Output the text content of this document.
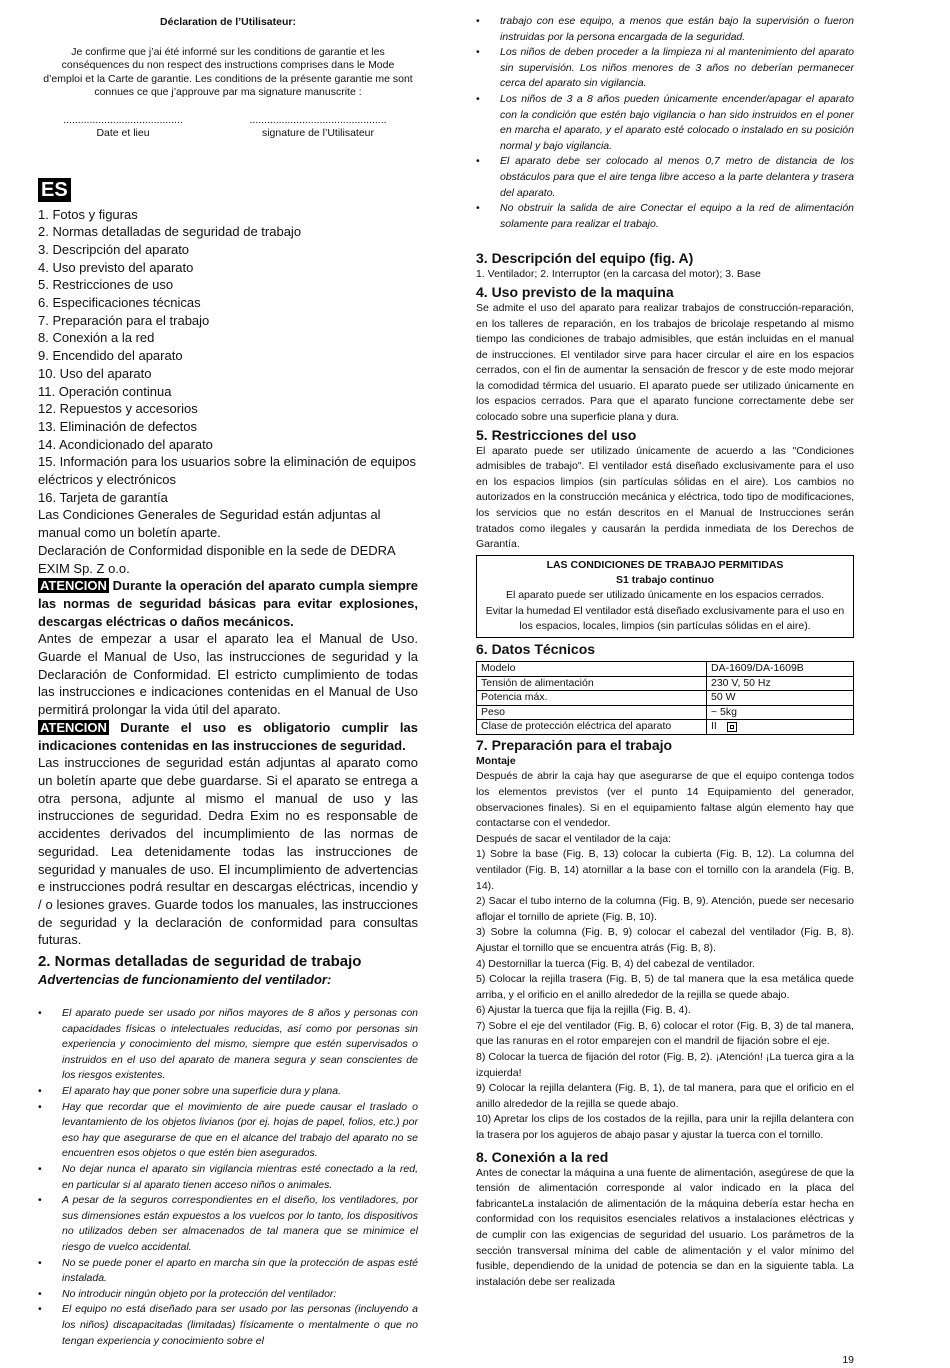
Déclaration de l’Utilisateur:

Je confirme que j’ai été informé sur les conditions de garantie et les conséquences du non respect des instructions comprises dans le Mode d’emploi et la Carte de garantie. Les conditions de la présente garantie me sont connues ce que j’approuve par ma signature manuscrite :

.........................................
Date et lieu
...............................................
signature de l’Utilisateur
ES
1. Fotos y figuras
2. Normas detalladas de seguridad de trabajo
3. Descripción del aparato
4. Uso previsto del aparato
5. Restricciones de uso
6. Especificaciones técnicas
7. Preparación para el trabajo
8. Conexión a la red
9. Encendido del aparato
10. Uso del aparato
11. Operación continua
12. Repuestos y accesorios
13. Eliminación de defectos
14. Acondicionado del aparato
15. Información para los usuarios sobre la eliminación de equipos eléctricos y electrónicos
16. Tarjeta de garantía

Las Condiciones Generales de Seguridad están adjuntas al manual como un boletín aparte.

Declaración de Conformidad disponible en la sede de DEDRA EXIM Sp. Z o.o.

ATENCION Durante la operación del aparato cumpla siempre las normas de seguridad básicas para evitar explosiones, descargas eléctricas o daños mecánicos.

Antes de empezar a usar el aparato lea el Manual de Uso. Guarde el Manual de Uso, las instrucciones de seguridad y la Declaración de Conformidad. El estricto cumplimiento de todas las instrucciones e indicaciones contenidas en el Manual de Uso permitirá prolongar la vida útil del aparato.

ATENCION Durante el uso es obligatorio cumplir las indicaciones contenidas en las instrucciones de seguridad.

Las instrucciones de seguridad están adjuntas al aparato como un boletín aparte que debe guardarse. Si el aparato se entrega a otra persona, adjunte al mismo el manual de uso y las instrucciones de seguridad. Dedra Exim no es responsable de accidentes derivados del incumplimiento de las normas de seguridad. Lea detenidamente todas las instrucciones de seguridad y manuales de uso. El incumplimiento de advertencias e instrucciones podrá resultar en descargas eléctricas, incendio y / o lesiones graves. Guarde todos los manuales, las instrucciones de seguridad y la declaración de conformidad para consultas futuras.

2. Normas detalladas de seguridad de trabajo
Advertencias de funcionamiento del ventilador:
• El aparato puede ser usado por niños mayores de 8 años y personas con capacidades físicas o intelectuales reducidas, así como por personas sin experiencia y conocimiento del mismo, siempre que estén supervisados o instruidos en el uso del aparato de manera segura y sean conscientes de los riesgos existentes.
• El aparato hay que poner sobre una superficie dura y plana.
• Hay que recordar que el movimiento de aire puede causar el traslado o levantamiento de los objetos livianos (por ej. hojas de papel, folios, etc.) por eso hay que asegurarse de que en el alcance del trabajo del aparato no se encuentren esos objetos o que estén bien asegurados.
• No dejar nunca el aparato sin vigilancia mientras esté conectado a la red, en particular si al aparato tienen acceso niños o animales.
• A pesar de la seguros correspondientes en el diseño, los ventiladores, por sus dimensiones están expuestos a los vuelcos por lo tanto, los dispositivos no utilizados deben ser almacenados de tal manera que se minimice el riesgo de vuelco accidental.
• No se puede poner el aparto en marcha sin que la protección de aspas esté instalada.
• No introducir ningún objeto por la protección del ventilador:
• El equipo no está diseñado para ser usado por las personas (incluyendo a los niños) discapacitadas (limitadas) físicamente o mentalmente o que no tengan experiencia y conocimiento sobre el
• trabajo con ese equipo, a menos que están bajo la supervisión o fueron instruidas por la persona encargada de la seguridad.
• Los niños de deben proceder a la limpieza ni al mantenimiento del aparato sin supervisión. Los niños menores de 3 años no deberían permanecer cerca del aparato sin vigilancia.
• Los niños de 3 a 8 años pueden únicamente encender/apagar el aparato con la condición que estén bajo vigilancia o han sido instruidos en el poner en marcha el aparato, y el aparato esté colocado o instalado en su posición normal y bajo vigilancia.
• El aparato debe ser colocado al menos 0,7 metro de distancia de los obstáculos para que el aire tenga libre acceso a la parte delantera y trasera del aparato.
• No obstruir la salida de aire Conectar el equipo a la red de alimentación solamente para realizar el trabajo.
3. Descripción del equipo (fig. A)

1. Ventilador; 2. Interruptor (en la carcasa del motor); 3. Base

4. Uso previsto de la maquina

Se admite el uso del aparato para realizar trabajos de construcción-reparación, en los talleres de reparación, en los trabajos de bricolaje respetando al mismo tiempo las condiciones de trabajo admisibles, que están incluidas en el manual de instrucciones. El ventilador sirve para hacer circular el aire en los espacios cerrados, con el fin de aumentar la sensación de frescor y de este modo mejorar la comodidad térmica del usuario. El aparato puede ser utilizado únicamente en los espacios cerrados. Para que el aparato funcione correctamente debe ser colocado sobre una superficie plana y dura.

5. Restricciones del uso

El aparato puede ser utilizado únicamente de acuerdo a las "Condiciones admisibles de trabajo". El ventilador está diseñado exclusivamente para el uso en los espacios limpios (sin partículas sólidas en el aire). Los cambios no autorizados en la construcción mecánica y eléctrica, todo tipo de modificaciones, los servicios que no están descritos en el Manual de Instrucciones serán tratados como ilegales y causarán la perdida inmediata de los Derechos de Garantía.

LAS CONDICIONES DE TRABAJO PERMITIDAS
S1 trabajo continuo
El aparato puede ser utilizado únicamente en los espacios cerrados.
Evitar la humedad El ventilador está diseñado exclusivamente para el uso en los espacios, locales, limpios (sin partículas sólidas en el aire).
6. Datos Técnicos
Modelo	DA-1609/DA-1609B
Tensión de alimentación	230 V, 50 Hz
Potencia máx.	50 W
Peso	~ 5kg
Clase de protección eléctrica del aparato	II
7. Preparación para el trabajo
Montaje

Después de abrir la caja hay que asegurarse de que el equipo contenga todos los elementos previstos (ver el punto 14 Equipamiento del generador, observaciones finales). Si en el equipamiento faltase algún elemento hay que contactarse con el vendedor.

Después de sacar el ventilador de la caja:

1) Sobre la base (Fig. B, 13) colocar la cubierta (Fig. B, 12). La columna del ventilador (Fig. B, 14) atornillar a la base con el tornillo con la arandela (Fig. B, 14).
2) Sacar el tubo interno de la columna (Fig. B, 9). Atención, puede ser necesario aflojar el tornillo de apriete (Fig. B, 10).
3) Sobre la columna (Fig. B, 9) colocar el cabezal del ventilador (Fig. B, 8). Ajustar el tornillo que se encuentra atrás (Fig. B, 8).
4) Destornillar la tuerca (Fig. B, 4) del cabezal de ventilador.
5) Colocar la rejilla trasera (Fig. B, 5) de tal manera que la esa metálica quede arriba, y el orificio en el anillo alrededor de la rejilla se quede abajo.
6) Ajustar la tuerca que fija la rejilla (Fig. B, 4).
7) Sobre el eje del ventilador (Fig. B, 6) colocar el rotor (Fig. B, 3) de tal manera, que las ranuras en el rotor emparejen con el mandril de fijación sobre el eje.
8) Colocar la tuerca de fijación del rotor (Fig. B, 2). ¡Atención! ¡La tuerca gira a la izquierda!
9) Colocar la rejilla delantera (Fig. B, 1), de tal manera, para que el orificio en el anillo alrededor de la rejilla se quede abajo.
10) Apretar los clips de los costados de la rejilla, para unir la rejilla delantera con la trasera por los agujeros de abajo pasar y ajustar la tuerca con el tornillo.
8. Conexión a la red

Antes de conectar la máquina a una fuente de alimentación, asegúrese de que la tensión de alimentación corresponde al valor indicado en la placa del fabricanteLa instalación de alimentación de la máquina debería estar hecha en conformidad con los requisitos esenciales relativos a instalaciones eléctricas y de cumplir con las exigencias de seguridad del usuario. Los parámetros de la sección transversal mínima del cable de alimentación y el valor mínimo del fusible, dependiendo de la unidad de potencia se dan en la siguiente tabla. La instalación debe ser realizada

19
